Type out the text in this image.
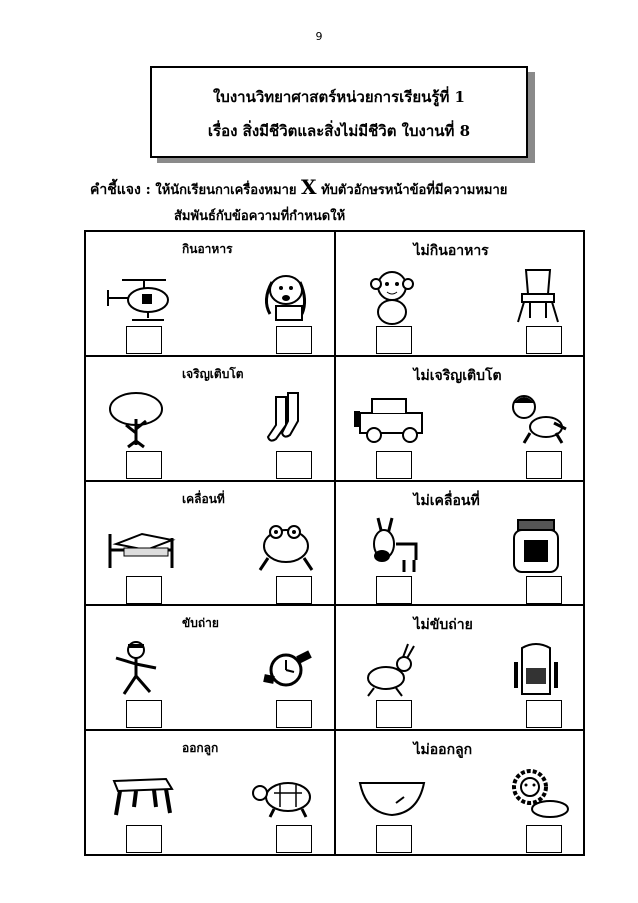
9
ใบงานวิทยาศาสตร์หน่วยการเรียนรู้ที่ 1
เรื่อง สิ่งมีชีวิตและสิ่งไม่มีชีวิต ใบงานที่ 8
คำชี้แจง : ให้นักเรียนกาเครื่องหมาย X ทับตัวอักษรหน้าข้อที่มีความหมาย
สัมพันธ์กับข้อความที่กำหนดให้
กินอาหาร	ไม่กินอาหาร

เจริญเติบโต	ไม่เจริญเติบโต

เคลื่อนที่	ไม่เคลื่อนที่

ขับถ่าย	ไม่ขับถ่าย

ออกลูก	ไม่ออกลูก
